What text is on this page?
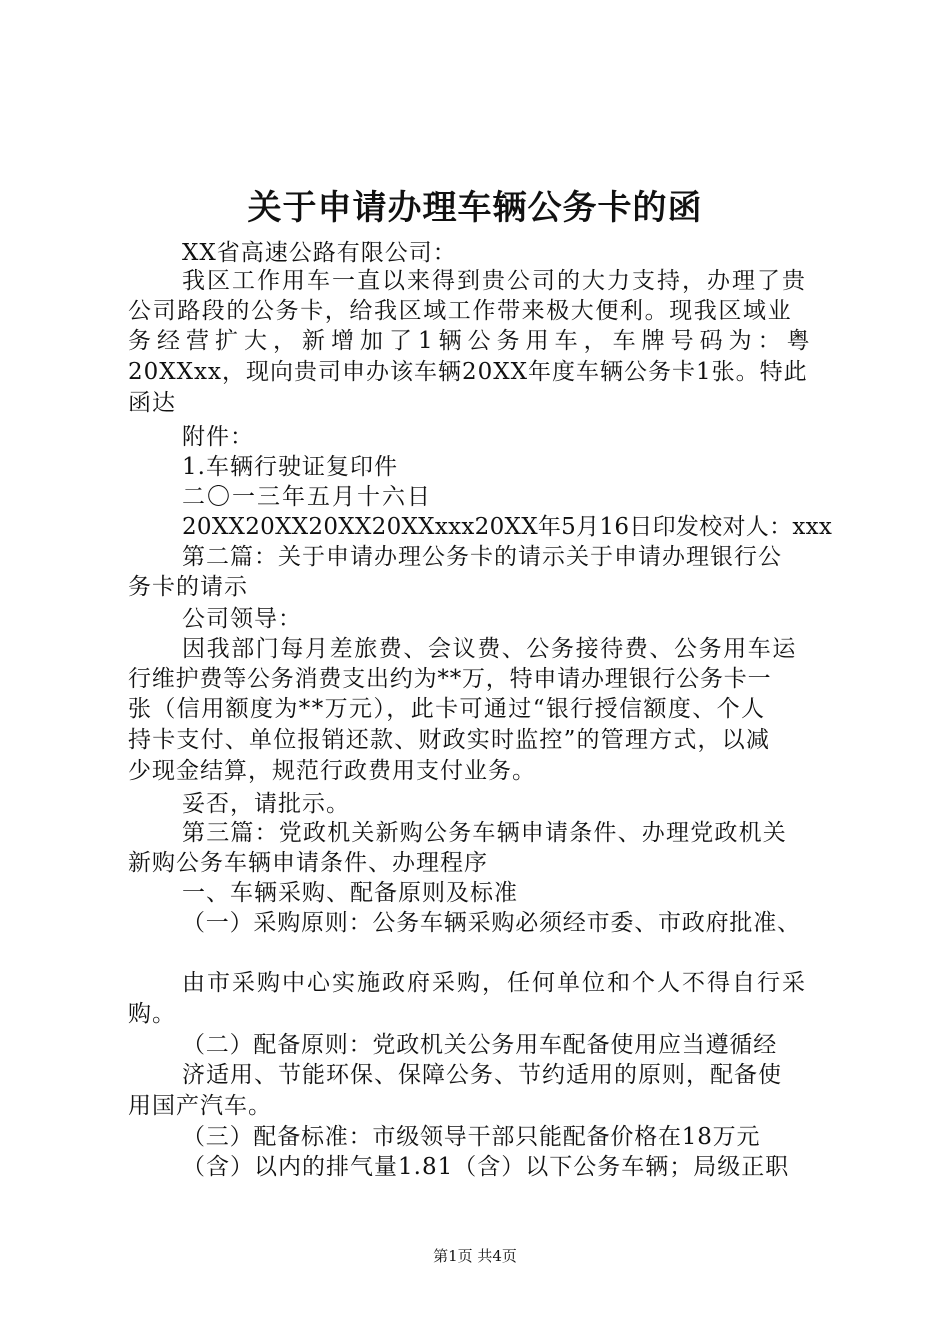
关于申请办理车辆公务卡的函
XX省高速公路有限公司：
我区工作用车一直以来得到贵公司的大力支持，办理了贵
公司路段的公务卡，给我区域工作带来极大便利。现我区域业
务经营扩大，新增加了1辆公务用车，车牌号码为：粤
20XXxx，现向贵司申办该车辆20XX年度车辆公务卡1张。特此
函达
附件：
1.车辆行驶证复印件
二〇一三年五月十六日
20XX20XX20XX20XXxxx20XX年5月16日印发校对人：xxx
第二篇：关于申请办理公务卡的请示关于申请办理银行公
务卡的请示
公司领导：
因我部门每月差旅费、会议费、公务接待费、公务用车运
行维护费等公务消费支出约为**万，特申请办理银行公务卡一
张（信用额度为**万元），此卡可通过“银行授信额度、个人
持卡支付、单位报销还款、财政实时监控”的管理方式，以减
少现金结算，规范行政费用支付业务。
妥否，请批示。
第三篇：党政机关新购公务车辆申请条件、办理党政机关
新购公务车辆申请条件、办理程序
一、车辆采购、配备原则及标准
（一）采购原则：公务车辆采购必须经市委、市政府批准、
由市采购中心实施政府采购，任何单位和个人不得自行采
购。
（二）配备原则：党政机关公务用车配备使用应当遵循经
济适用、节能环保、保障公务、节约适用的原则，配备使
用国产汽车。
（三）配备标准：市级领导干部只能配备价格在18万元
（含）以内的排气量1.81（含）以下公务车辆；局级正职
第1页 共4页
